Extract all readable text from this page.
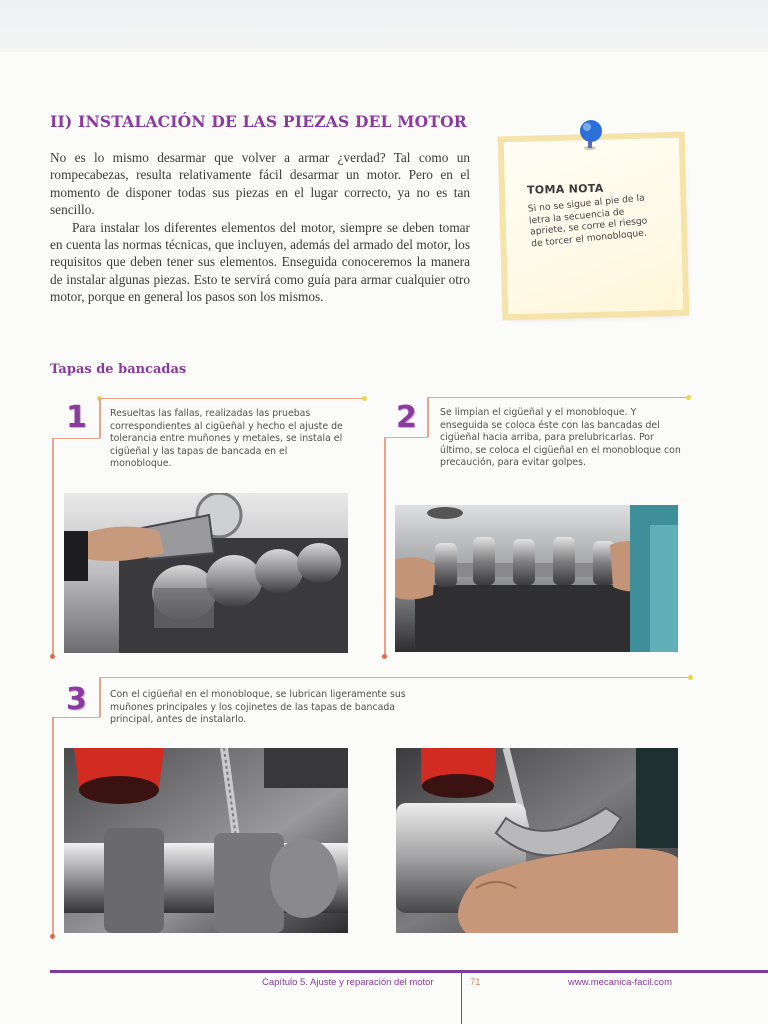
II) INSTALACIÓN DE LAS PIEZAS DEL MOTOR

No es lo mismo desarmar que volver a armar ¿verdad? Tal como un rompecabezas, resulta relativamente fácil desarmar un motor. Pero en el momento de disponer todas sus piezas en el lugar correcto, ya no es tan sencillo.

Para instalar los diferentes elementos del motor, siempre se deben tomar en cuenta las normas técnicas, que incluyen, además del armado del motor, los requisitos que deben tener sus elementos. Enseguida conoceremos la manera de instalar algunas piezas. Esto te servirá como guía para armar cualquier otro motor, porque en general los pasos son los mismos.

TOMA NOTA
Si no se sigue al pie de la letra la secuencia de apriete, se corre el riesgo de torcer el monobloque.
Tapas de bancadas
1 Resueltas las fallas, realizadas las pruebas correspondientes al cigüeñal y hecho el ajuste de tolerancia entre muñones y metales, se instala el cigüeñal y las tapas de bancada en el monobloque.
2 Se limpian el cigüeñal y el monobloque. Y enseguida se coloca éste con las bancadas del cigüeñal hacia arriba, para prelubricarlas. Por último, se coloca el cigüeñal en el monobloque con precaución, para evitar golpes.
3 Con el cigüeñal en el monobloque, se lubrican ligeramente sus muñones principales y los cojinetes de las tapas de bancada principal, antes de instalarlo.
Capítulo 5. Ajuste y reparación del motor	71	www.mecanica-facil.com
